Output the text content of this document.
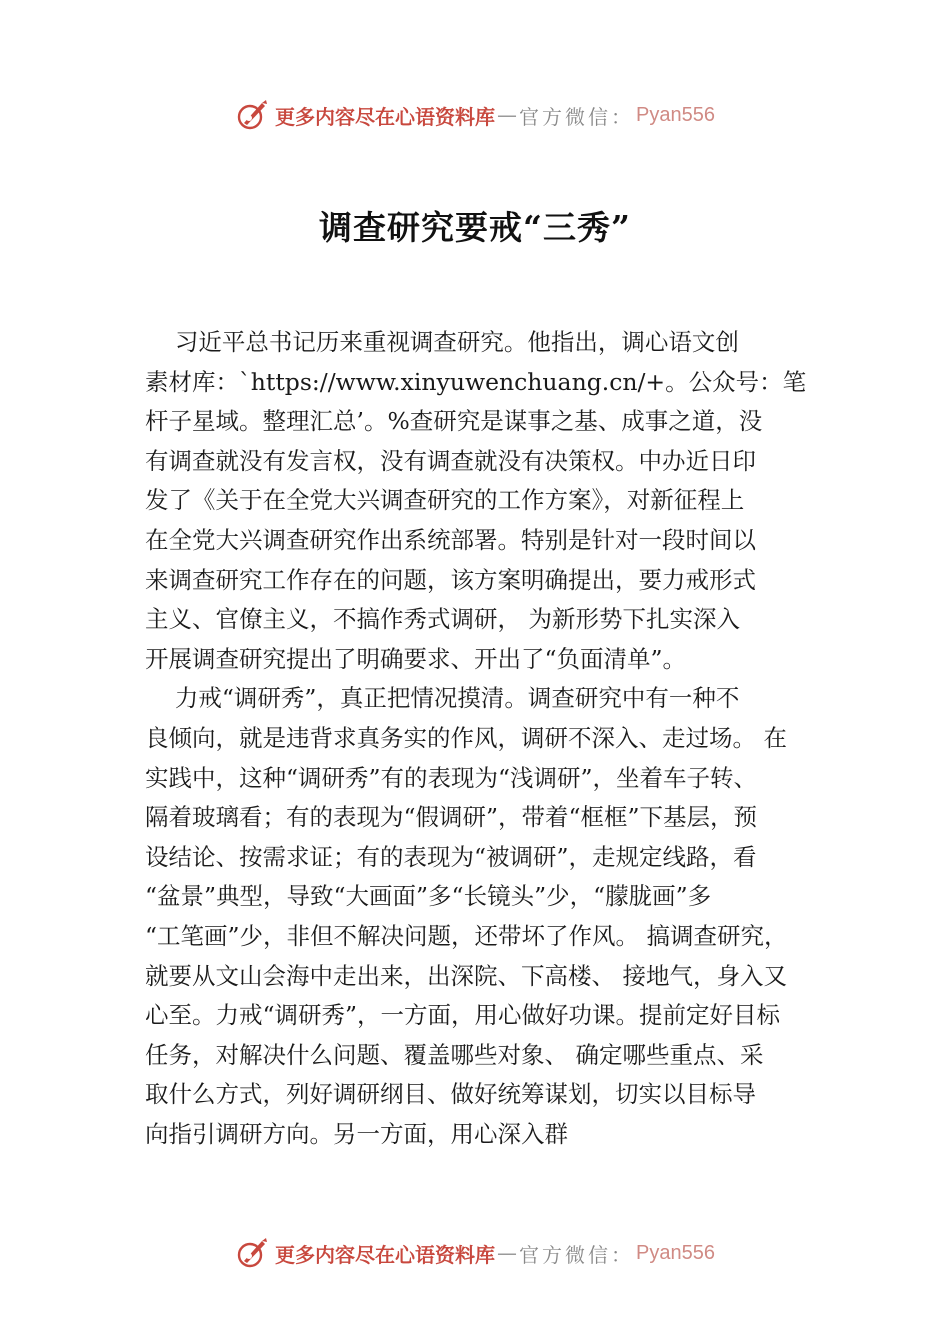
更多内容尽在心语资料库 — 官方微信： Pyan556
调查研究要戒“三秀”
习近平总书记历来重视调查研究。他指出，调心语文创
素材库：`https://www.xinyuwenchuang.cn/+。公众号：笔
杆子星域。整理汇总’。%查研究是谋事之基、成事之道，没
有调查就没有发言权，没有调查就没有决策权。中办近日印
发了《关于在全党大兴调查研究的工作方案》，对新征程上
在全党大兴调查研究作出系统部署。特别是针对一段时间以
来调查研究工作存在的问题，该方案明确提出，要力戒形式
主义、官僚主义，不搞作秀式调研， 为新形势下扎实深入
开展调查研究提出了明确要求、开出了“负面清单”。
力戒“调研秀”，真正把情况摸清。调查研究中有一种不
良倾向，就是违背求真务实的作风，调研不深入、走过场。 在
实践中，这种“调研秀”有的表现为“浅调研”，坐着车子转、
隔着玻璃看；有的表现为“假调研”，带着“框框”下基层，预
设结论、按需求证；有的表现为“被调研”，走规定线路，看
“盆景”典型，导致“大画面”多“长镜头”少，“朦胧画”多
“工笔画”少，非但不解决问题，还带坏了作风。 搞调查研究，
就要从文山会海中走出来，出深院、下高楼、 接地气，身入又
心至。力戒“调研秀”，一方面，用心做好功课。提前定好目标
任务，对解决什么问题、覆盖哪些对象、 确定哪些重点、采
取什么方式，列好调研纲目、做好统筹谋划，切实以目标导
向指引调研方向。另一方面，用心深入群
更多内容尽在心语资料库 — 官方微信： Pyan556
